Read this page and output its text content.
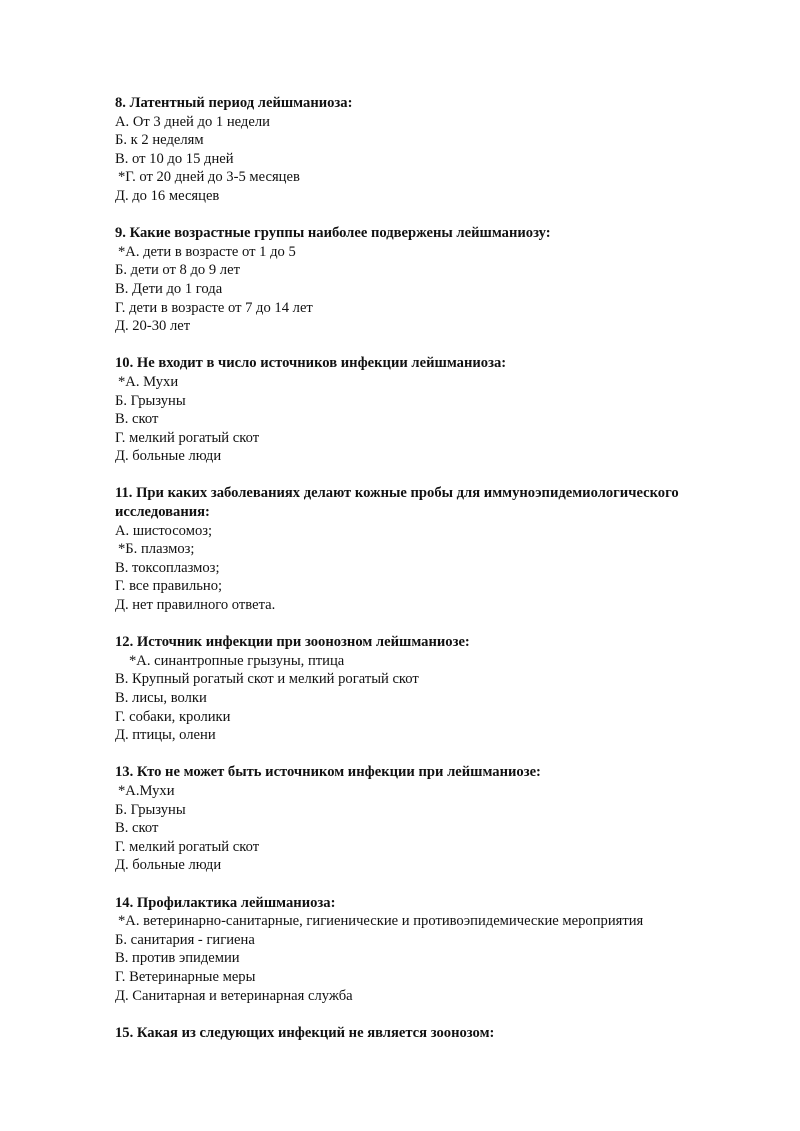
8. Латентный период лейшманиоза:
А. От 3 дней до 1 недели
Б. к 2 неделям
В. от 10 до 15 дней
*Г. от 20 дней до 3-5 месяцев
Д. до 16 месяцев
9. Какие возрастные группы наиболее подвержены лейшманиозу:
*А. дети в возрасте от 1 до 5
Б. дети от 8 до 9 лет
В. Дети до 1 года
Г. дети в возрасте от 7 до 14 лет
Д. 20-30 лет
10. Не входит в число источников инфекции лейшманиоза:
*А. Мухи
Б. Грызуны
В. скот
Г. мелкий рогатый скот
Д. больные люди
11. При каких заболеваниях делают кожные пробы для иммуноэпидемиологического исследования:
А. шистосомоз;
*Б. плазмоз;
В. токсоплазмоз;
Г. все правильно;
Д. нет правилного ответа.
12. Источник инфекции при зоонозном лейшманиозе:
*А. синантропные грызуны, птица
В. Крупный рогатый скот и мелкий рогатый скот
В. лисы, волки
Г. собаки, кролики
Д. птицы, олени
13. Кто не может быть источником инфекции при лейшманиозе:
*А.Мухи
Б. Грызуны
В. скот
Г. мелкий рогатый скот
Д. больные люди
14. Профилактика лейшманиоза:
*А. ветеринарно-санитарные, гигиенические и противоэпидемические мероприятия
Б. санитария - гигиена
В. против эпидемии
Г. Ветеринарные меры
Д. Санитарная и ветеринарная служба
15. Какая из следующих инфекций не является зоонозом:
